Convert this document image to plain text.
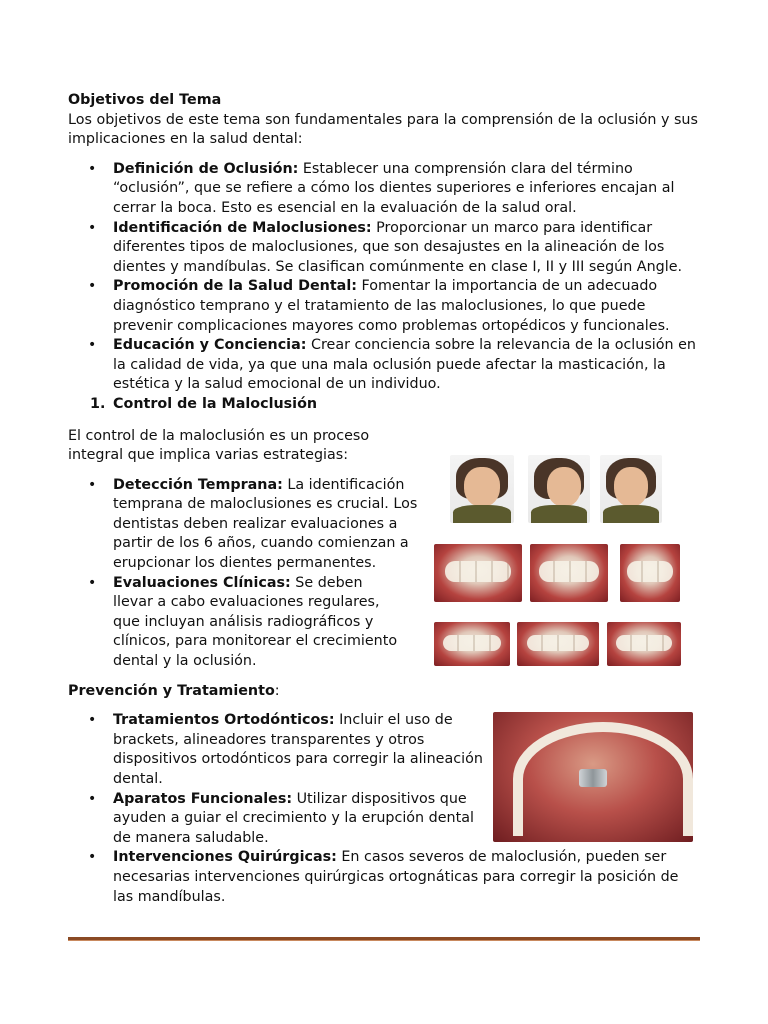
Objetivos del Tema

Los objetivos de este tema son fundamentales para la comprensión de la oclusión y sus implicaciones en la salud dental:

• Definición de Oclusión: Establecer una comprensión clara del término “oclusión”, que se refiere a cómo los dientes superiores e inferiores encajan al cerrar la boca. Esto es esencial en la evaluación de la salud oral.
• Identificación de Maloclusiones: Proporcionar un marco para identificar diferentes tipos de maloclusiones, que son desajustes en la alineación de los dientes y mandíbulas. Se clasifican comúnmente en clase I, II y III según Angle.
• Promoción de la Salud Dental: Fomentar la importancia de un adecuado diagnóstico temprano y el tratamiento de las maloclusiones, lo que puede prevenir complicaciones mayores como problemas ortopédicos y funcionales.
• Educación y Conciencia: Crear conciencia sobre la relevancia de la oclusión en la calidad de vida, ya que una mala oclusión puede afectar la masticación, la estética y la salud emocional de un individuo.
1. Control de la Maloclusión

El control de la maloclusión es un proceso integral que implica varias estrategias:

• Detección Temprana: La identificación temprana de maloclusiones es crucial. Los dentistas deben realizar evaluaciones a partir de los 6 años, cuando comienzan a erupcionar los dientes permanentes.
• Evaluaciones Clínicas: Se deben llevar a cabo evaluaciones regulares, que incluyan análisis radiográficos y clínicos, para monitorear el crecimiento dental y la oclusión.

Prevención y Tratamiento:

• Tratamientos Ortodónticos: Incluir el uso de brackets, alineadores transparentes y otros dispositivos ortodónticos para corregir la alineación dental.
• Aparatos Funcionales: Utilizar dispositivos que ayuden a guiar el crecimiento y la erupción dental de manera saludable.
• Intervenciones Quirúrgicas: En casos severos de maloclusión, pueden ser necesarias intervenciones quirúrgicas ortognáticas para corregir la posición de las mandíbulas.
